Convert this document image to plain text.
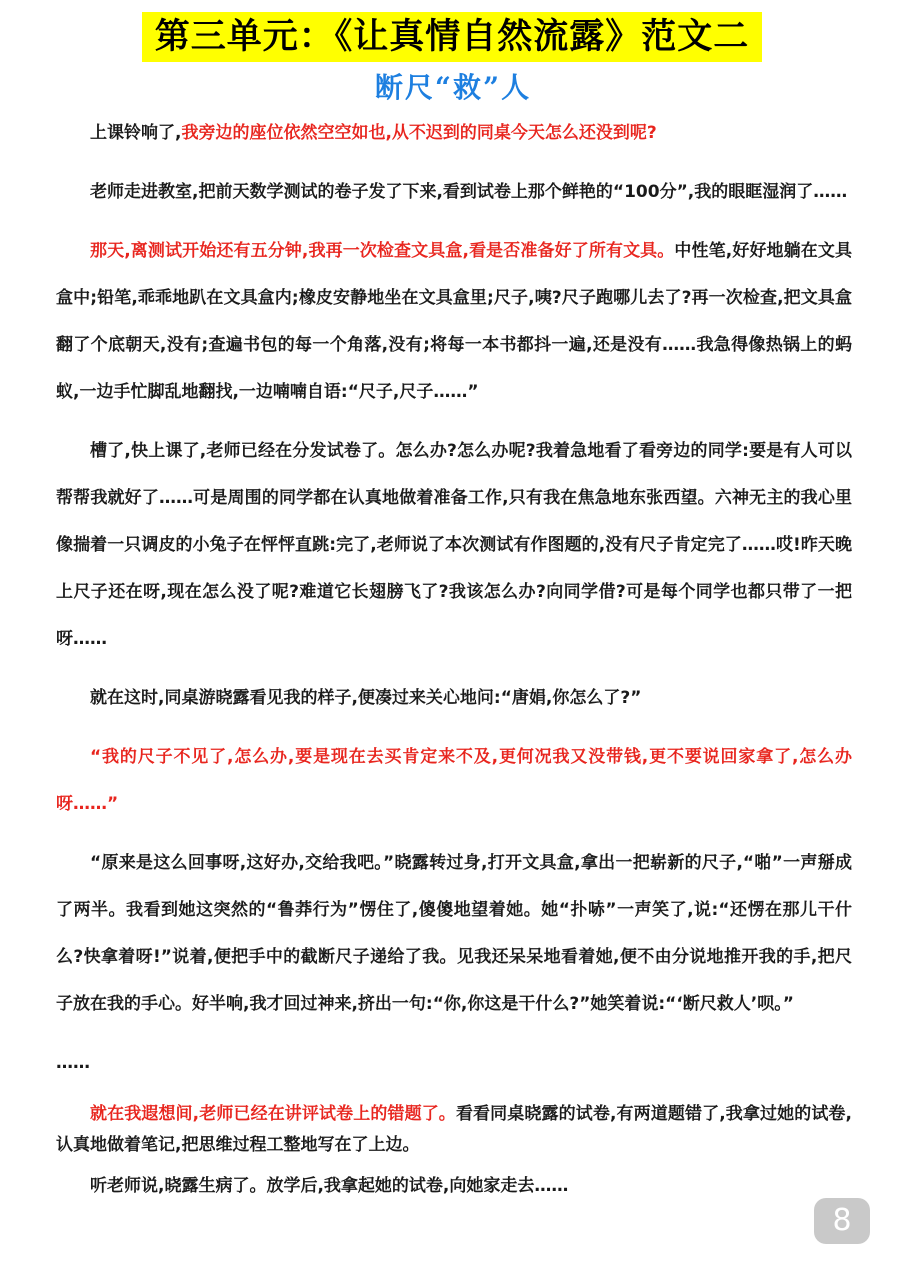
第三单元：《让真情自然流露》范文二
断尺“救”人

上课铃响了,我旁边的座位依然空空如也,从不迟到的同桌今天怎么还没到呢?

老师走进教室,把前天数学测试的卷子发了下来,看到试卷上那个鲜艳的“100分”,我的眼眶湿润了……

那天,离测试开始还有五分钟,我再一次检查文具盒,看是否准备好了所有文具。中性笔,好好地躺在文具盒中;铅笔,乖乖地趴在文具盒内;橡皮安静地坐在文具盒里;尺子,咦?尺子跑哪儿去了?再一次检查,把文具盒翻了个底朝天,没有;查遍书包的每一个角落,没有;将每一本书都抖一遍,还是没有……我急得像热锅上的蚂蚁,一边手忙脚乱地翻找,一边喃喃自语:“尺子,尺子……”

槽了,快上课了,老师已经在分发试卷了。怎么办?怎么办呢?我着急地看了看旁边的同学:要是有人可以帮帮我就好了……可是周围的同学都在认真地做着准备工作,只有我在焦急地东张西望。六神无主的我心里像揣着一只调皮的小兔子在怦怦直跳:完了,老师说了本次测试有作图题的,没有尺子肯定完了……哎!昨天晚上尺子还在呀,现在怎么没了呢?难道它长翅膀飞了?我该怎么办?向同学借?可是每个同学也都只带了一把呀……

就在这时,同桌游晓露看见我的样子,便凑过来关心地问:“唐娟,你怎么了?”

“我的尺子不见了,怎么办,要是现在去买肯定来不及,更何况我又没带钱,更不要说回家拿了,怎么办呀……”

“原来是这么回事呀,这好办,交给我吧。”晓露转过身,打开文具盒,拿出一把崭新的尺子,“啪”一声掰成了两半。我看到她这突然的“鲁莽行为”愣住了,傻傻地望着她。她“扑哧”一声笑了,说:“还愣在那儿干什么?快拿着呀!”说着,便把手中的截断尺子递给了我。见我还呆呆地看着她,便不由分说地推开我的手,把尺子放在我的手心。好半响,我才回过神来,挤出一句:“你,你这是干什么?”她笑着说:“‘断尺救人’呗。”

……

就在我遐想间,老师已经在讲评试卷上的错题了。看看同桌晓露的试卷,有两道题错了,我拿过她的试卷,认真地做着笔记,把思维过程工整地写在了上边。

听老师说,晓露生病了。放学后,我拿起她的试卷,向她家走去……

8
